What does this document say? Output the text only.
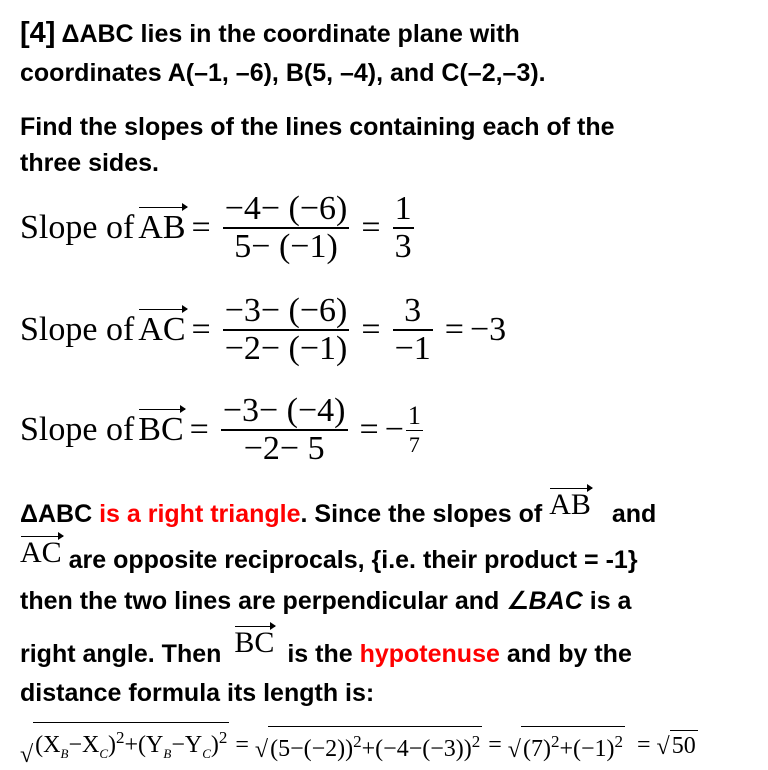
[4] ΔABC lies in the coordinate plane with
coordinates A(–1, –6), B(5, –4), and C(–2,–3).
Find the slopes of the lines containing each of the
three sides.
Slope of AB = $\frac{-4- (-6)}{5- (-1)} = \frac{1}{3}$
Slope of AC = $\frac{-3- (-6)}{-2- (-1)} = \frac{3}{-1} = -3$
Slope of BC = $\frac{-3- (-4)}{-2- 5}$ = − $\frac{1}{7}$
ΔABC is a right triangle. Since the slopes of AB and
AC are opposite reciprocals, {i.e. their product = -1}
then the two lines are perpendicular and ∠BAC is a
right angle. Then BC is the hypotenuse and by the
distance formula its length is:
√ $(X_B-X_C)^2+(Y_B-Y_C)^2$ = √ $(5-(-2))^2+(-4-(-3))^2$ = √ $(7)^2+(-1)^2$ = √ 50
